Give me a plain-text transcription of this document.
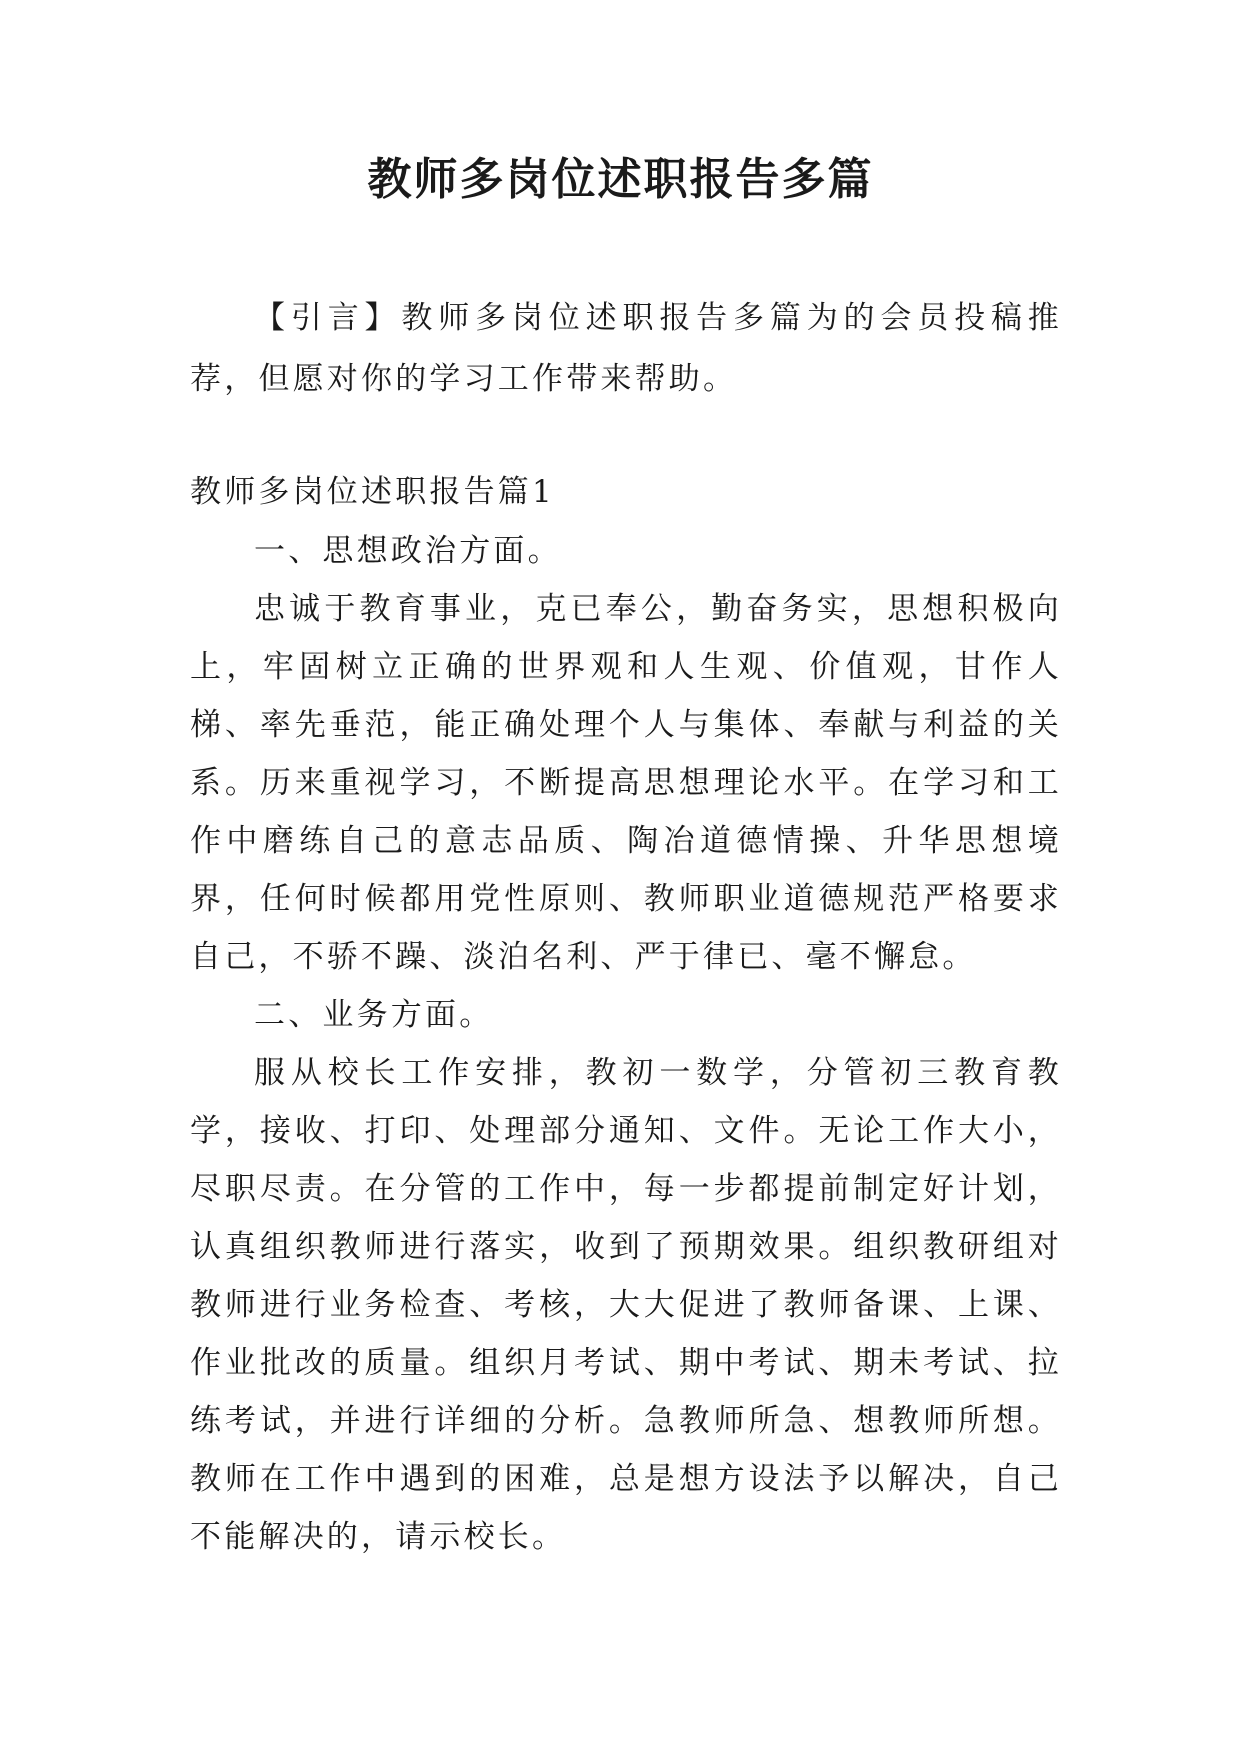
教师多岗位述职报告多篇
【引言】教师多岗位述职报告多篇为的会员投稿推荐，但愿对你的学习工作带来帮助。
教师多岗位述职报告篇1

一、思想政治方面。

忠诚于教育事业，克已奉公，勤奋务实，思想积极向上，牢固树立正确的世界观和人生观、价值观，甘作人梯、率先垂范，能正确处理个人与集体、奉献与利益的关系。历来重视学习，不断提高思想理论水平。在学习和工作中磨练自己的意志品质、陶冶道德情操、升华思想境界，任何时候都用党性原则、教师职业道德规范严格要求自己，不骄不躁、淡泊名利、严于律已、毫不懈怠。

二、业务方面。

服从校长工作安排，教初一数学，分管初三教育教学，接收、打印、处理部分通知、文件。无论工作大小，尽职尽责。在分管的工作中，每一步都提前制定好计划，认真组织教师进行落实，收到了预期效果。组织教研组对教师进行业务检查、考核，大大促进了教师备课、上课、作业批改的质量。组织月考试、期中考试、期未考试、拉练考试，并进行详细的分析。急教师所急、想教师所想。教师在工作中遇到的困难，总是想方设法予以解决，自己不能解决的，请示校长。
